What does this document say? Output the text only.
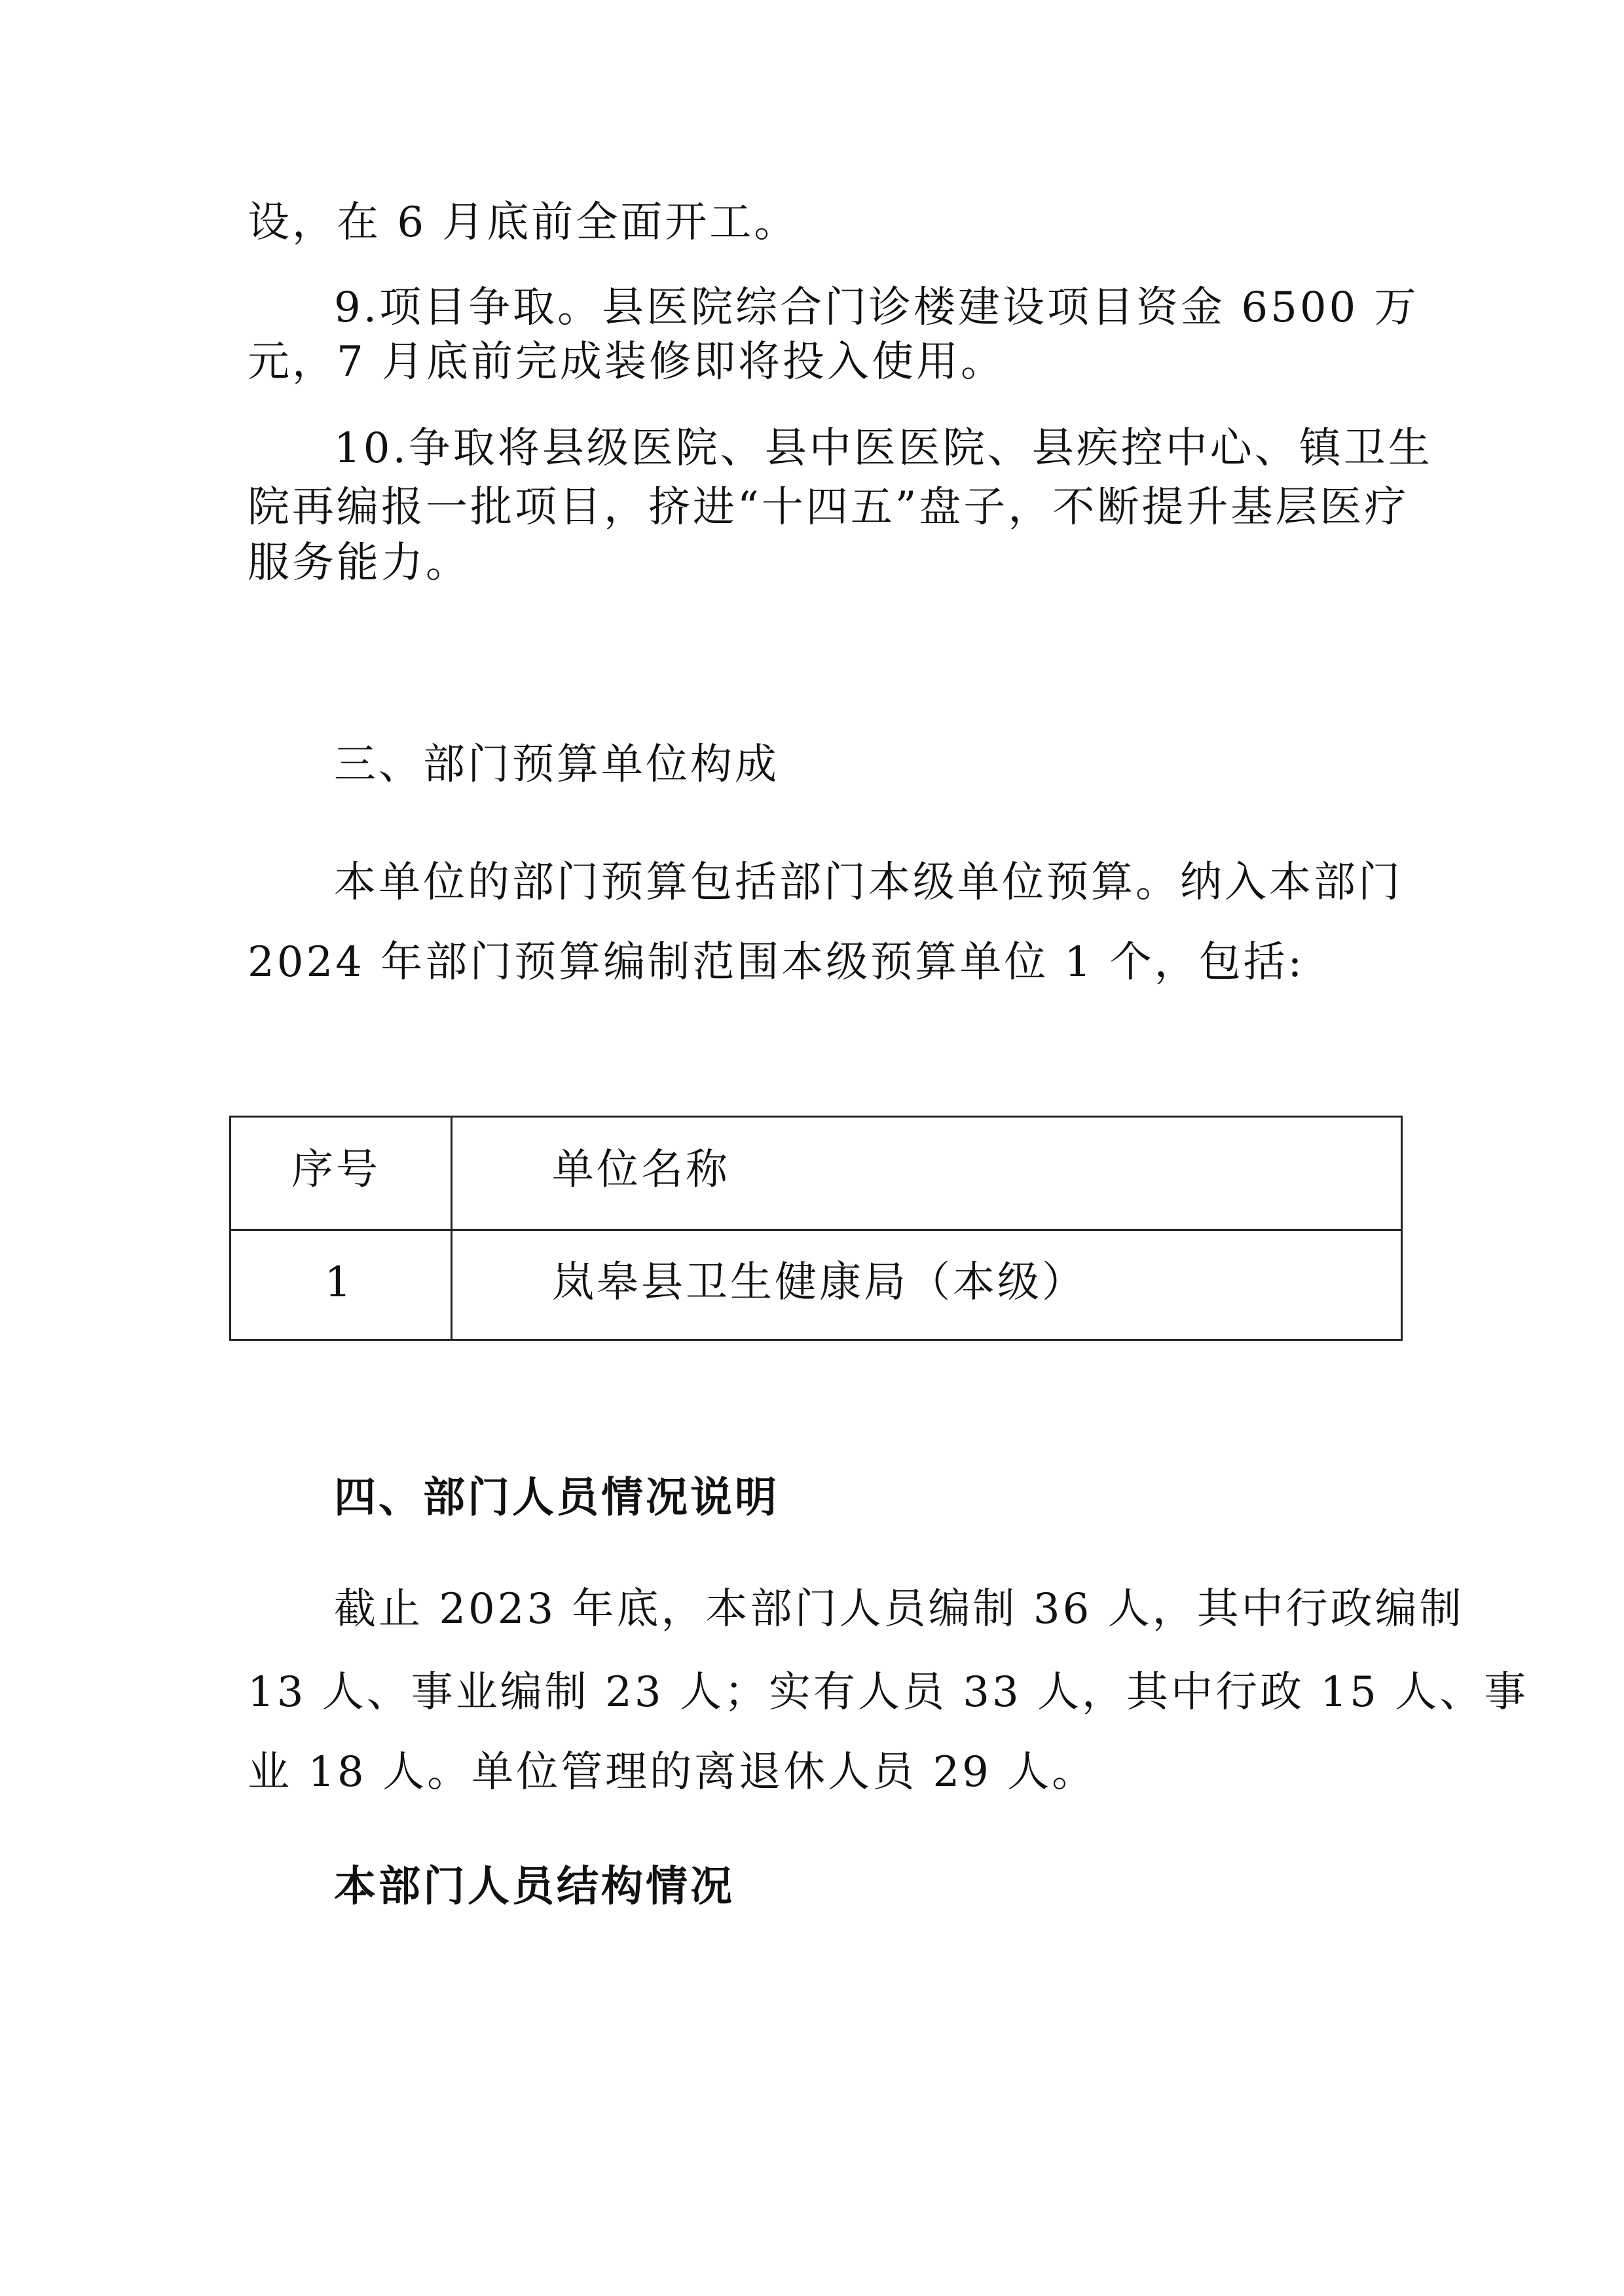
设，在 6 月底前全面开工。
9.项目争取。县医院综合门诊楼建设项目资金 6500 万
元，7 月底前完成装修即将投入使用。
10.争取将县级医院、县中医医院、县疾控中心、镇卫生
院再编报一批项目，挤进“十四五”盘子，不断提升基层医疗
服务能力。
三、部门预算单位构成
本单位的部门预算包括部门本级单位预算。纳入本部门
2024 年部门预算编制范围本级预算单位 1 个，包括:
序号	单位名称
1	岚皋县卫生健康局（本级）
四、部门人员情况说明
截止 2023 年底，本部门人员编制 36 人，其中行政编制
13 人、事业编制 23 人；实有人员 33 人，其中行政 15 人、事
业 18 人。单位管理的离退休人员 29 人。
本部门人员结构情况
